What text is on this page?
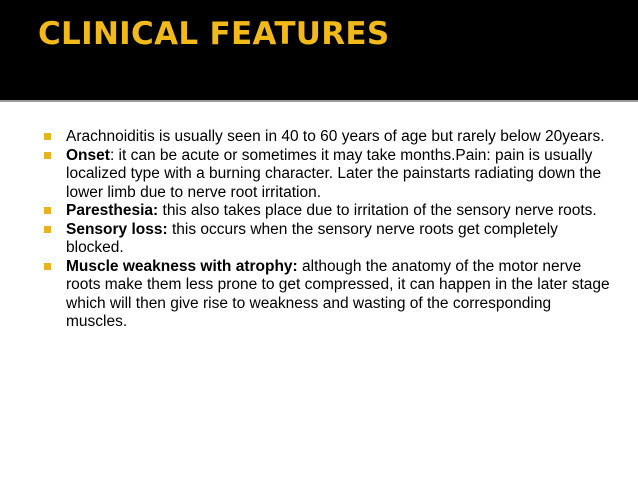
CLINICAL FEATURES
Arachnoiditis is usually seen in 40 to 60 years of age but rarely below 20years.
Onset: it can be acute or sometimes it may take months.Pain: pain is usually localized type with a burning character. Later the painstarts radiating down the lower limb due to nerve root irritation.
Paresthesia: this also takes place due to irritation of the sensory nerve roots.
Sensory loss: this occurs when the sensory nerve roots get completely blocked.
Muscle weakness with atrophy: although the anatomy of the motor nerve roots make them less prone to get compressed, it can happen in the later stage which will then give rise to weakness and wasting of the corresponding muscles.
